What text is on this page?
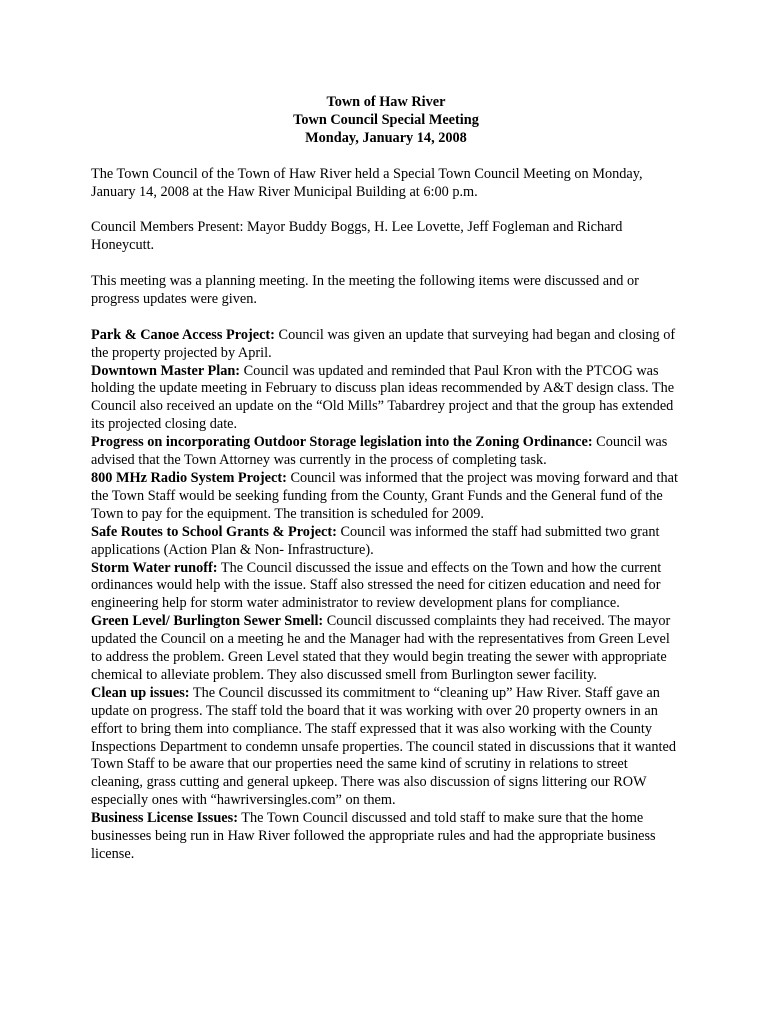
Town of Haw River
Town Council Special Meeting
Monday, January 14, 2008

The Town Council of the Town of Haw River held a Special Town Council Meeting on Monday, January 14, 2008 at the Haw River Municipal Building at 6:00 p.m.

Council Members Present: Mayor Buddy Boggs, H. Lee Lovette, Jeff Fogleman and Richard Honeycutt.

This meeting was a planning meeting. In the meeting the following items were discussed and or progress updates were given.

Park & Canoe Access Project: Council was given an update that surveying had began and closing of the property projected by April.

Downtown Master Plan: Council was updated and reminded that Paul Kron with the PTCOG was holding the update meeting in February to discuss plan ideas recommended by A&T design class. The Council also received an update on the “Old Mills” Tabardrey project and that the group has extended its projected closing date.

Progress on incorporating Outdoor Storage legislation into the Zoning Ordinance: Council was advised that the Town Attorney was currently in the process of completing task.

800 MHz Radio System Project: Council was informed that the project was moving forward and that the Town Staff would be seeking funding from the County, Grant Funds and the General fund of the Town to pay for the equipment. The transition is scheduled for 2009.

Safe Routes to School Grants & Project: Council was informed the staff had submitted two grant applications (Action Plan & Non- Infrastructure).

Storm Water runoff: The Council discussed the issue and effects on the Town and how the current ordinances would help with the issue. Staff also stressed the need for citizen education and need for engineering help for storm water administrator to review development plans for compliance.

Green Level/ Burlington Sewer Smell: Council discussed complaints they had received. The mayor updated the Council on a meeting he and the Manager had with the representatives from Green Level to address the problem. Green Level stated that they would begin treating the sewer with appropriate chemical to alleviate problem. They also discussed smell from Burlington sewer facility.

Clean up issues: The Council discussed its commitment to “cleaning up” Haw River. Staff gave an update on progress. The staff told the board that it was working with over 20 property owners in an effort to bring them into compliance. The staff expressed that it was also working with the County Inspections Department to condemn unsafe properties. The council stated in discussions that it wanted Town Staff to be aware that our properties need the same kind of scrutiny in relations to street cleaning, grass cutting and general upkeep. There was also discussion of signs littering our ROW especially ones with “hawriversingles.com” on them.

Business License Issues: The Town Council discussed and told staff to make sure that the home businesses being run in Haw River followed the appropriate rules and had the appropriate business license.
